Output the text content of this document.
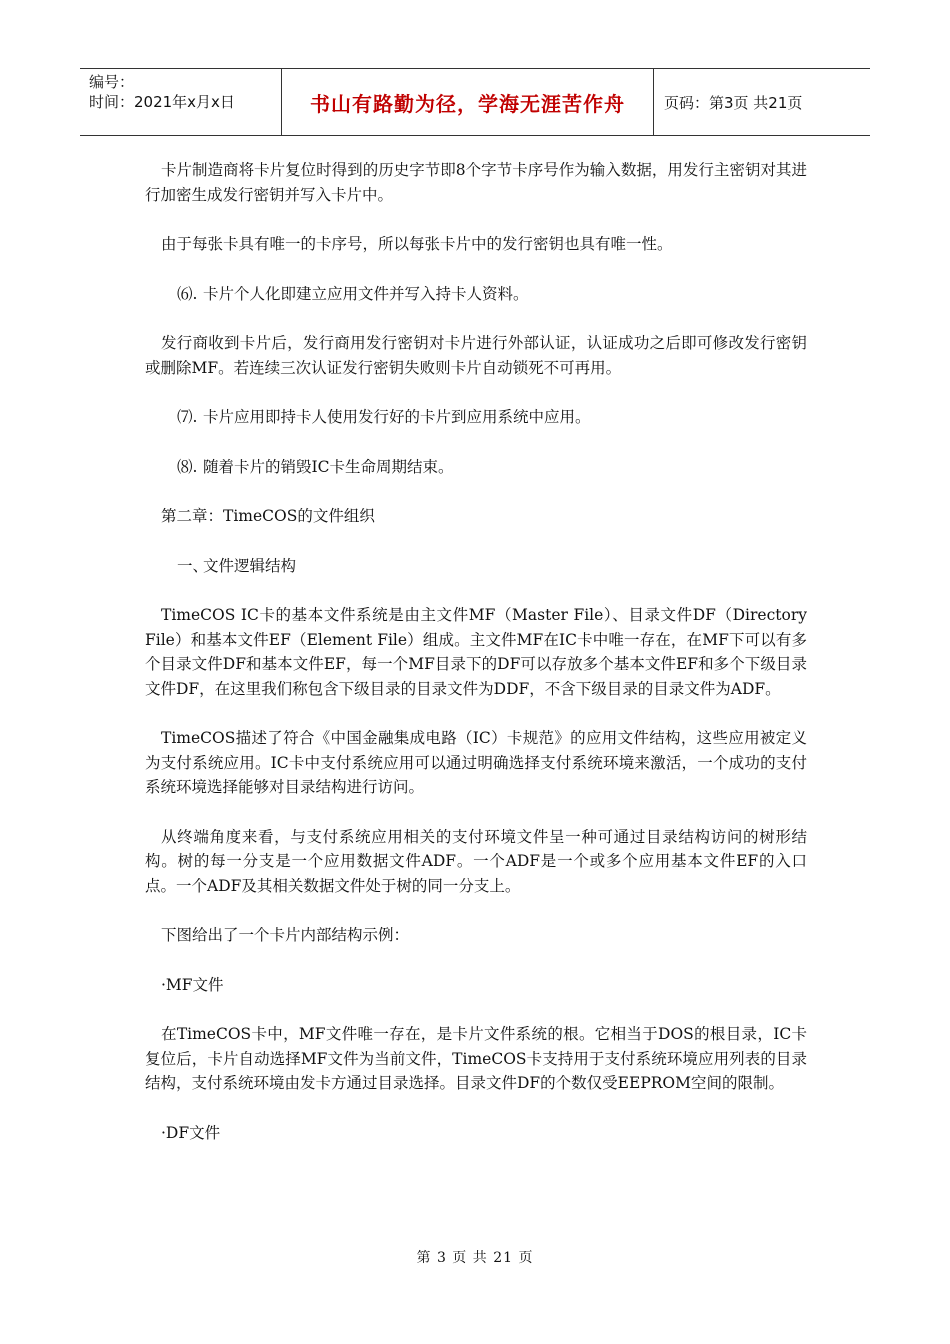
编号：
时间：2021年x月x日	书山有路勤为径，学海无涯苦作舟	页码：第3页 共21页

卡片制造商将卡片复位时得到的历史字节即8个字节卡序号作为输入数据，用发行主密钥对其进行加密生成发行密钥并写入卡片中。

由于每张卡具有唯一的卡序号，所以每张卡片中的发行密钥也具有唯一性。

⑹. 卡片个人化即建立应用文件并写入持卡人资料。

发行商收到卡片后，发行商用发行密钥对卡片进行外部认证，认证成功之后即可修改发行密钥或删除MF。若连续三次认证发行密钥失败则卡片自动锁死不可再用。

⑺. 卡片应用即持卡人使用发行好的卡片到应用系统中应用。

⑻. 随着卡片的销毁IC卡生命周期结束。

第二章：TimeCOS的文件组织

一、文件逻辑结构

TimeCOS IC卡的基本文件系统是由主文件MF（Master File）、目录文件DF（Directory File）和基本文件EF（Element File）组成。主文件MF在IC卡中唯一存在，在MF下可以有多个目录文件DF和基本文件EF，每一个MF目录下的DF可以存放多个基本文件EF和多个下级目录文件DF，在这里我们称包含下级目录的目录文件为DDF，不含下级目录的目录文件为ADF。

TimeCOS描述了符合《中国金融集成电路（IC）卡规范》的应用文件结构，这些应用被定义为支付系统应用。IC卡中支付系统应用可以通过明确选择支付系统环境来激活，一个成功的支付系统环境选择能够对目录结构进行访问。

从终端角度来看，与支付系统应用相关的支付环境文件呈一种可通过目录结构访问的树形结构。树的每一分支是一个应用数据文件ADF。一个ADF是一个或多个应用基本文件EF的入口点。一个ADF及其相关数据文件处于树的同一分支上。

下图给出了一个卡片内部结构示例：

·MF文件

在TimeCOS卡中，MF文件唯一存在，是卡片文件系统的根。它相当于DOS的根目录，IC卡复位后，卡片自动选择MF文件为当前文件，TimeCOS卡支持用于支付系统环境应用列表的目录结构，支付系统环境由发卡方通过目录选择。目录文件DF的个数仅受EEPROM空间的限制。

·DF文件

第 3 页 共 21 页
